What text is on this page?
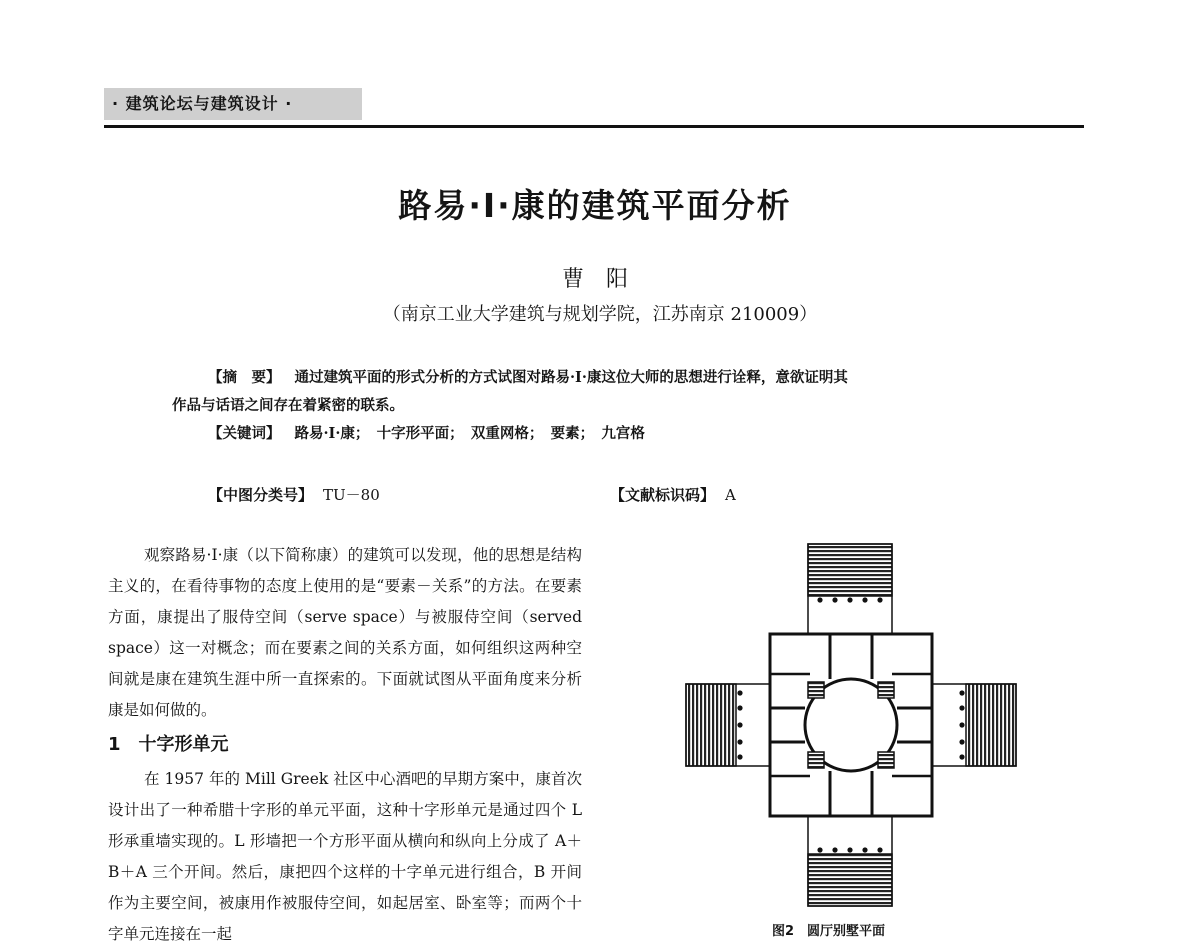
· 建筑论坛与建筑设计 ·
路易·I·康的建筑平面分析
曹　阳
（南京工业大学建筑与规划学院，江苏南京 210009）

【摘　要】 通过建筑平面的形式分析的方式试图对路易·I·康这位大师的思想进行诠释，意欲证明其

作品与话语之间存在着紧密的联系。

【关键词】 路易·I·康；　十字形平面；　双重网格；　要素；　九宫格

【中图分类号】 TU－80	【文献标识码】 A

观察路易·I·康（以下简称康）的建筑可以发现，他的思想是结构主义的，在看待事物的态度上使用的是“要素－关系”的方法。在要素方面，康提出了服侍空间（serve space）与被服侍空间（served space）这一对概念；而在要素之间的关系方面，如何组织这两种空间就是康在建筑生涯中所一直探索的。下面就试图从平面角度来分析康是如何做的。

1　十字形单元

在 1957 年的 Mill Greek 社区中心酒吧的早期方案中，康首次设计出了一种希腊十字形的单元平面，这种十字形单元是通过四个 L 形承重墙实现的。L 形墙把一个方形平面从横向和纵向上分成了 A＋B＋A 三个开间。然后，康把四个这样的十字单元进行组合，B 开间作为主要空间，被康用作被服侍空间，如起居室、卧室等；而两个十字单元连接在一起	图2　圆厅别墅平面
